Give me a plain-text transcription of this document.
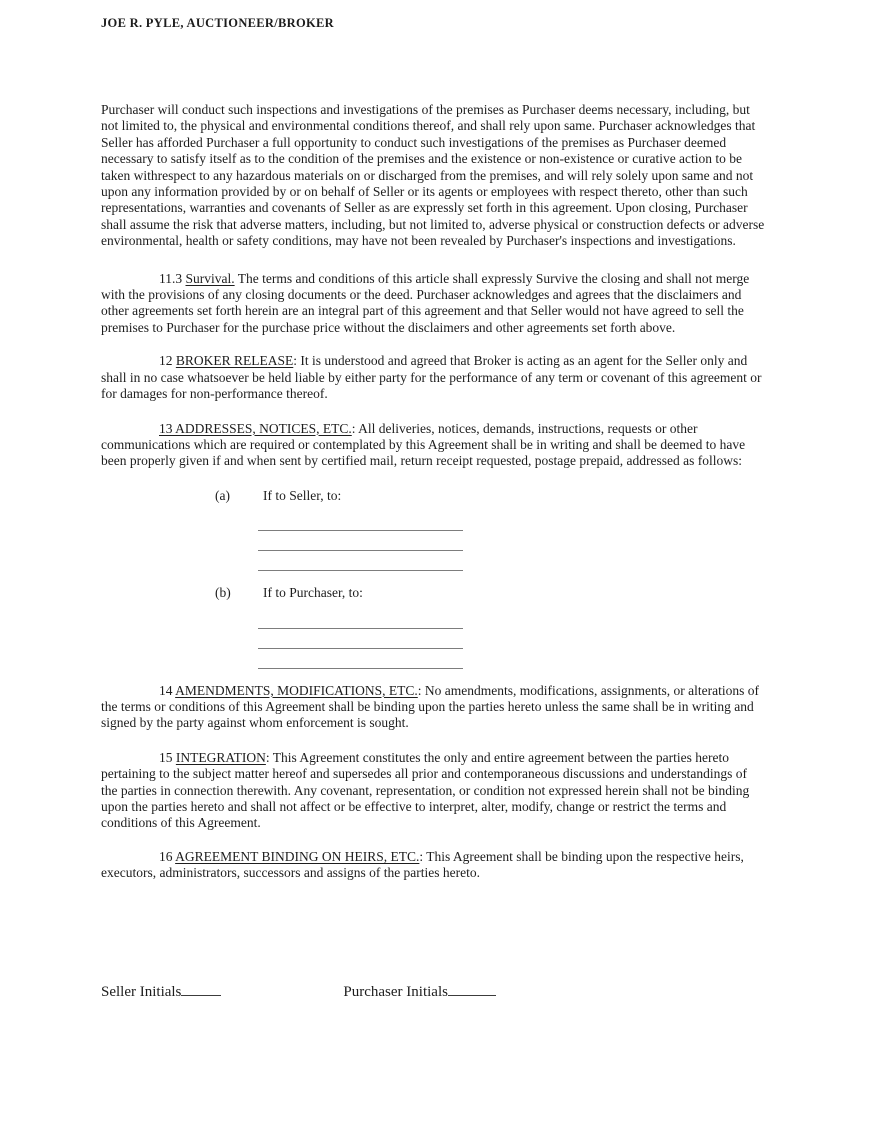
JOE R. PYLE, AUCTIONEER/BROKER

Purchaser will conduct such inspections and investigations of the premises as Purchaser deems necessary, including, but not limited to, the physical and environmental conditions thereof, and shall rely upon same. Purchaser acknowledges that Seller has afforded Purchaser a full opportunity to conduct such investigations of the premises as Purchaser deemed necessary to satisfy itself as to the condition of the premises and the existence or non-existence or curative action to be taken withrespect to any hazardous materials on or discharged from the premises, and will rely solely upon same and not upon any information provided by or on behalf of Seller or its agents or employees with respect thereto, other than such representations, warranties and covenants of Seller as are expressly set forth in this agreement. Upon closing, Purchaser shall assume the risk that adverse matters, including, but not limited to, adverse physical or construction defects or adverse environmental, health or safety conditions, may have not been revealed by Purchaser's inspections and investigations.

11.3 Survival. The terms and conditions of this article shall expressly Survive the closing and shall not merge with the provisions of any closing documents or the deed. Purchaser acknowledges and agrees that the disclaimers and other agreements set forth herein are an integral part of this agreement and that Seller would not have agreed to sell the premises to Purchaser for the purchase price without the disclaimers and other agreements set forth above.

12 BROKER RELEASE: It is understood and agreed that Broker is acting as an agent for the Seller only and shall in no case whatsoever be held liable by either party for the performance of any term or covenant of this agreement or for damages for non-performance thereof.

13 ADDRESSES, NOTICES, ETC.: All deliveries, notices, demands, instructions, requests or other communications which are required or contemplated by this Agreement shall be in writing and shall be deemed to have been properly given if and when sent by certified mail, return receipt requested, postage prepaid, addressed as follows:

(a) If to Seller, to:
(b) If to Purchaser, to:

14 AMENDMENTS, MODIFICATIONS, ETC.: No amendments, modifications, assignments, or alterations of the terms or conditions of this Agreement shall be binding upon the parties hereto unless the same shall be in writing and signed by the party against whom enforcement is sought.

15 INTEGRATION: This Agreement constitutes the only and entire agreement between the parties hereto pertaining to the subject matter hereof and supersedes all prior and contemporaneous discussions and understandings of the parties in connection therewith. Any covenant, representation, or condition not expressed herein shall not be binding upon the parties hereto and shall not affect or be effective to interpret, alter, modify, change or restrict the terms and conditions of this Agreement.

16 AGREEMENT BINDING ON HEIRS, ETC.: This Agreement shall be binding upon the respective heirs, executors, administrators, successors and assigns of the parties hereto.

Seller Initials	Purchaser Initials
